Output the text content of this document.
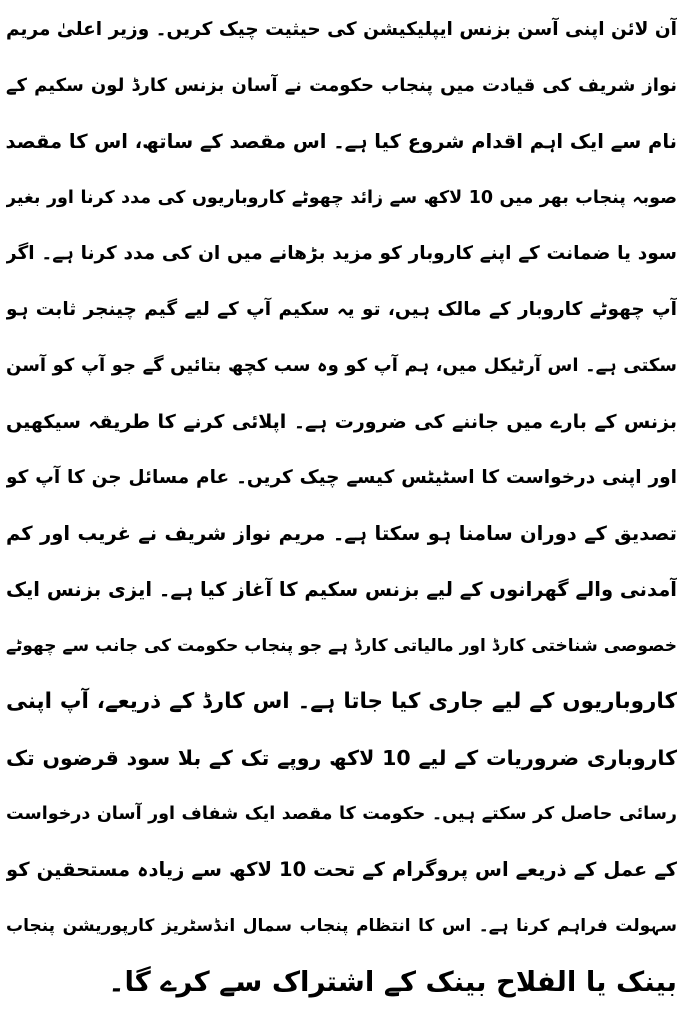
آن لائن اپنی آسن بزنس ایپلیکیشن کی حیثیت چیک کریں۔ وزیر اعلیٰ مریم
نواز شریف کی قیادت میں پنجاب حکومت نے آسان بزنس کارڈ لون سکیم کے
نام سے ایک اہم اقدام شروع کیا ہے۔ اس مقصد کے ساتھ، اس کا مقصد
صوبہ پنجاب بھر میں 10 لاکھ سے زائد چھوٹے کاروباریوں کی مدد کرنا اور بغیر
سود یا ضمانت کے اپنے کاروبار کو مزید بڑھانے میں ان کی مدد کرنا ہے۔ اگر
آپ چھوٹے کاروبار کے مالک ہیں، تو یہ سکیم آپ کے لیے گیم چینجر ثابت ہو
سکتی ہے۔ اس آرٹیکل میں، ہم آپ کو وہ سب کچھ بتائیں گے جو آپ کو آسن
بزنس کے بارے میں جاننے کی ضرورت ہے۔ اپلائی کرنے کا طریقہ سیکھیں
اور اپنی درخواست کا اسٹیٹس کیسے چیک کریں۔ عام مسائل جن کا آپ کو
تصدیق کے دوران سامنا ہو سکتا ہے۔ مریم نواز شریف نے غریب اور کم
آمدنی والے گھرانوں کے لیے بزنس سکیم کا آغاز کیا ہے۔ ایزی بزنس ایک
خصوصی شناختی کارڈ اور مالیاتی کارڈ ہے جو پنجاب حکومت کی جانب سے چھوٹے
کاروباریوں کے لیے جاری کیا جاتا ہے۔ اس کارڈ کے ذریعے، آپ اپنی
کاروباری ضروریات کے لیے 10 لاکھ روپے تک کے بلا سود قرضوں تک
رسائی حاصل کر سکتے ہیں۔ حکومت کا مقصد ایک شفاف اور آسان درخواست
کے عمل کے ذریعے اس پروگرام کے تحت 10 لاکھ سے زیادہ مستحقین کو
سہولت فراہم کرنا ہے۔ اس کا انتظام پنجاب سمال انڈسٹریز کارپوریشن پنجاب
بینک یا الفلاح بینک کے اشتراک سے کرے گا۔
